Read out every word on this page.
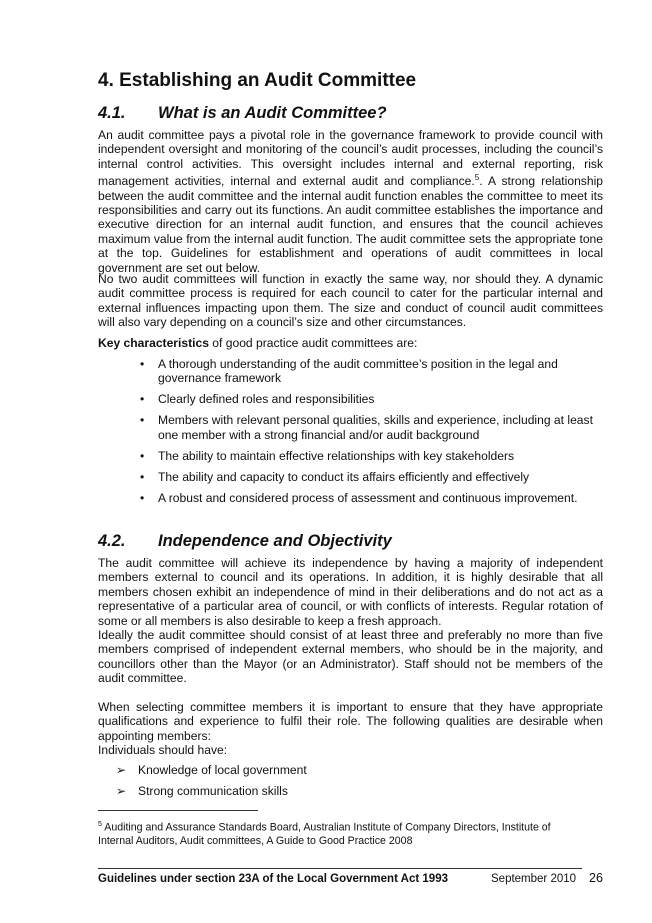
4. Establishing an Audit Committee
4.1. What is an Audit Committee?

An audit committee pays a pivotal role in the governance framework to provide council with independent oversight and monitoring of the council’s audit processes, including the council’s internal control activities. This oversight includes internal and external reporting, risk management activities, internal and external audit and compliance.$^5$. A strong relationship between the audit committee and the internal audit function enables the committee to meet its responsibilities and carry out its functions. An audit committee establishes the importance and executive direction for an internal audit function, and ensures that the council achieves maximum value from the internal audit function. The audit committee sets the appropriate tone at the top. Guidelines for establishment and operations of audit committees in local government are set out below.

No two audit committees will function in exactly the same way, nor should they. A dynamic audit committee process is required for each council to cater for the particular internal and external influences impacting upon them. The size and conduct of council audit committees will also vary depending on a council’s size and other circumstances.

Key characteristics of good practice audit committees are:

• A thorough understanding of the audit committee’s position in the legal and governance framework
• Clearly defined roles and responsibilities
• Members with relevant personal qualities, skills and experience, including at least one member with a strong financial and/or audit background
• The ability to maintain effective relationships with key stakeholders
• The ability and capacity to conduct its affairs efficiently and effectively
• A robust and considered process of assessment and continuous improvement.
4.2. Independence and Objectivity

The audit committee will achieve its independence by having a majority of independent members external to council and its operations. In addition, it is highly desirable that all members chosen exhibit an independence of mind in their deliberations and do not act as a representative of a particular area of council, or with conflicts of interests. Regular rotation of some or all members is also desirable to keep a fresh approach.

Ideally the audit committee should consist of at least three and preferably no more than five members comprised of independent external members, who should be in the majority, and councillors other than the Mayor (or an Administrator). Staff should not be members of the audit committee.

When selecting committee members it is important to ensure that they have appropriate qualifications and experience to fulfil their role. The following qualities are desirable when appointing members:

Individuals should have:

➢ Knowledge of local government
➢ Strong communication skills

$^5$ Auditing and Assurance Standards Board, Australian Institute of Company Directors, Institute of Internal Auditors, Audit committees, A Guide to Good Practice 2008

Guidelines under section 23A of the Local Government Act 1993	September 2010 26
